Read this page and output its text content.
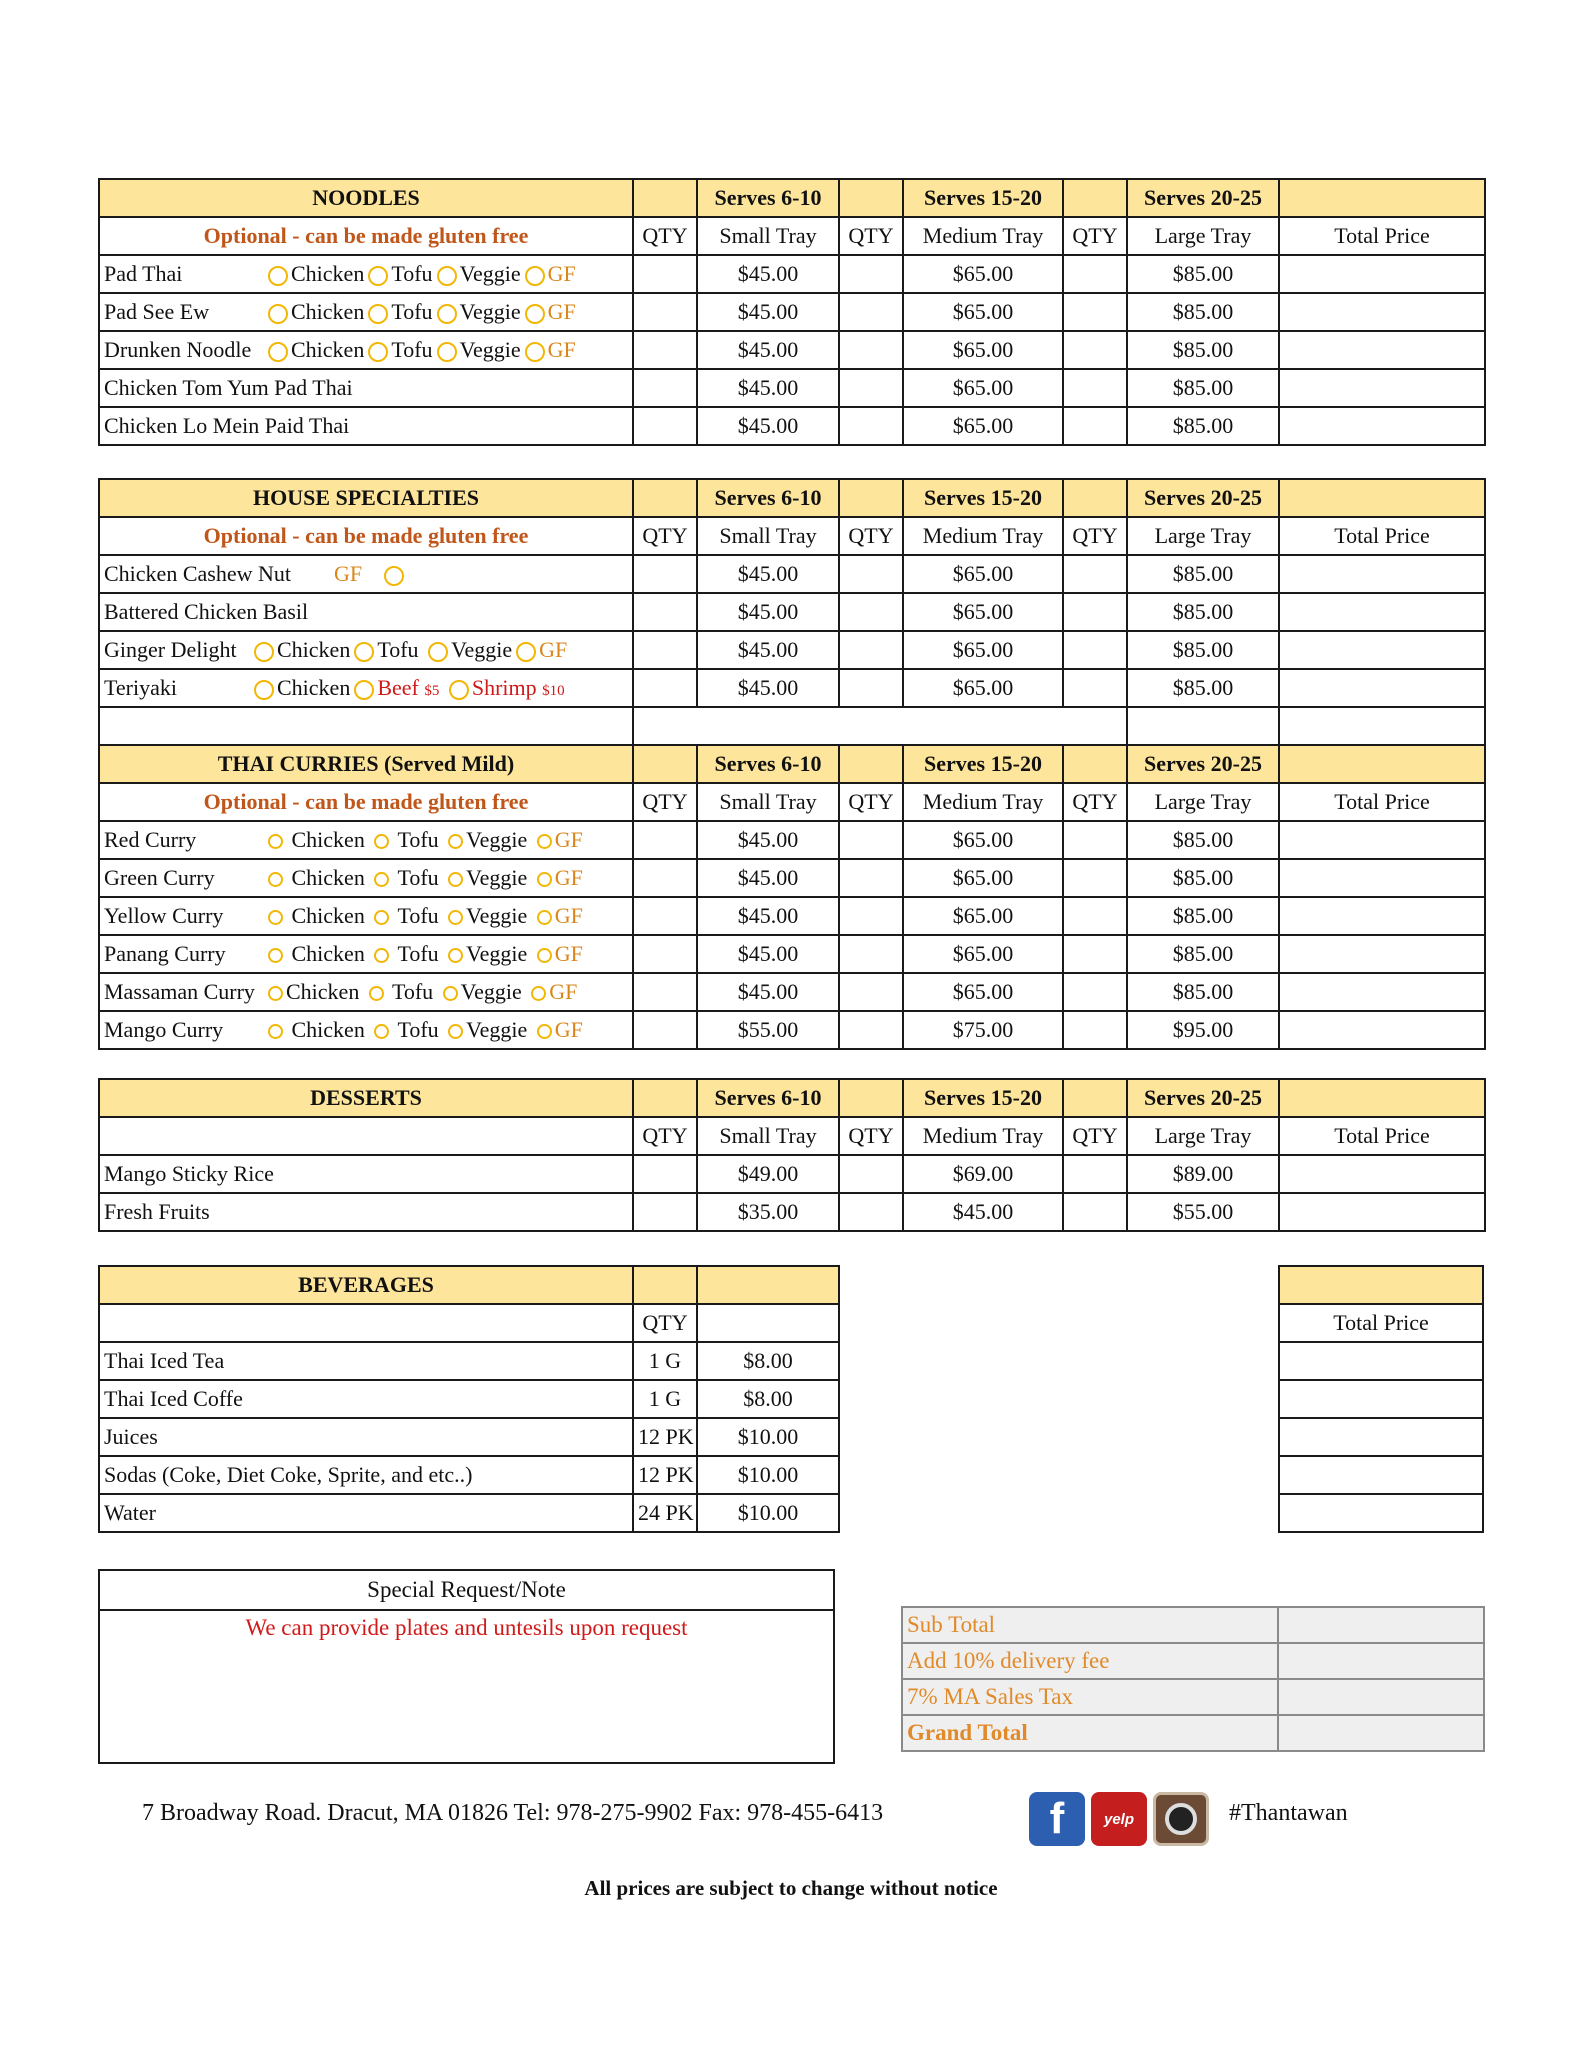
NOODLES		Serves 6-10		Serves 15-20		Serves 20-25	
Optional - can be made gluten free	QTY	Small Tray	QTY	Medium Tray	QTY	Large Tray	Total Price
Pad Thai Chicken Tofu Veggie GF		$45.00		$65.00		$85.00	
Pad See Ew Chicken Tofu Veggie GF		$45.00		$65.00		$85.00	
Drunken Noodle Chicken Tofu Veggie GF		$45.00		$65.00		$85.00	
Chicken Tom Yum Pad Thai		$45.00		$65.00		$85.00	
Chicken Lo Mein Paid Thai		$45.00		$65.00		$85.00	
HOUSE SPECIALTIES		Serves 6-10		Serves 15-20		Serves 20-25	
Optional - can be made gluten free	QTY	Small Tray	QTY	Medium Tray	QTY	Large Tray	Total Price
Chicken Cashew Nut GF		$45.00		$65.00		$85.00	
Battered Chicken Basil		$45.00		$65.00		$85.00	
Ginger Delight Chicken Tofu Veggie GF		$45.00		$65.00		$85.00	
Teriyaki Chicken Beef $5 Shrimp $10		$45.00		$65.00		$85.00	

THAI CURRIES (Served Mild)		Serves 6-10		Serves 15-20		Serves 20-25	
Optional - can be made gluten free	QTY	Small Tray	QTY	Medium Tray	QTY	Large Tray	Total Price
Red Curry Chicken Tofu Veggie GF		$45.00		$65.00		$85.00	
Green Curry Chicken Tofu Veggie GF		$45.00		$65.00		$85.00	
Yellow Curry Chicken Tofu Veggie GF		$45.00		$65.00		$85.00	
Panang Curry Chicken Tofu Veggie GF		$45.00		$65.00		$85.00	
Massaman Curry Chicken Tofu Veggie GF		$45.00		$65.00		$85.00	
Mango Curry Chicken Tofu Veggie GF		$55.00		$75.00		$95.00	
DESSERTS		Serves 6-10		Serves 15-20		Serves 20-25	
	QTY	Small Tray	QTY	Medium Tray	QTY	Large Tray	Total Price
Mango Sticky Rice		$49.00		$69.00		$89.00	
Fresh Fruits		$35.00		$45.00		$55.00	
BEVERAGES		
	QTY	
Thai Iced Tea	1 G	$8.00
Thai Iced Coffe	1 G	$8.00
Juices	12 PK	$10.00
Sodas (Coke, Diet Coke, Sprite, and etc..)	12 PK	$10.00
Water	24 PK	$10.00

Total Price

Special Request/Note
We can provide plates and untesils upon request	Sub Total	
Add 10% delivery fee	
7% MA Sales Tax	
Grand Total	
7 Broadway Road. Dracut, MA 01826 Tel: 978-275-9902 Fax: 978-455-6413	f	yelp	#Thantawan
All prices are subject to change without notice
